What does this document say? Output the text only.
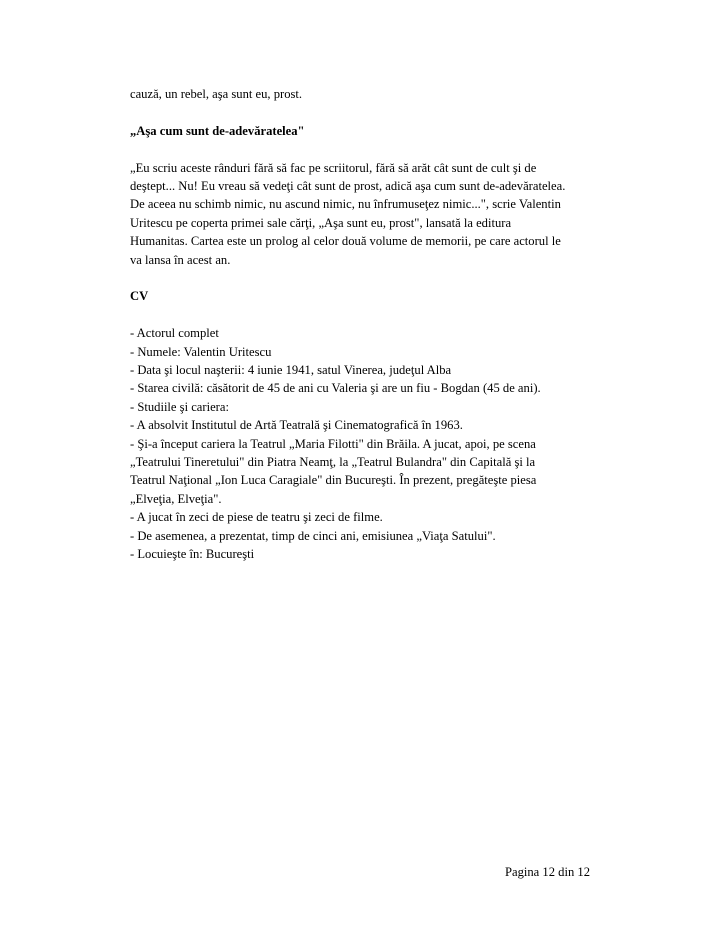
cauză, un rebel, aşa sunt eu, prost.
„Aşa cum sunt de-adevăratelea"
„Eu scriu aceste rânduri fără să fac pe scriitorul, fără să arăt cât sunt de cult şi de
deştept... Nu! Eu vreau să vedeţi cât sunt de prost, adică aşa cum sunt de-adevăratelea.
De aceea nu schimb nimic, nu ascund nimic, nu înfrumuseţez nimic...", scrie Valentin
Uritescu pe coperta primei sale cărţi, „Aşa sunt eu, prost", lansată la editura
Humanitas. Cartea este un prolog al celor două volume de memorii, pe care actorul le
va lansa în acest an.
CV
- Actorul complet
- Numele: Valentin Uritescu
- Data şi locul naşterii: 4 iunie 1941, satul Vinerea, judeţul Alba
- Starea civilă: căsătorit de 45 de ani cu Valeria şi are un fiu - Bogdan (45 de ani).
- Studiile şi cariera:
- A absolvit Institutul de Artă Teatrală şi Cinematografică în 1963.
- Şi-a început cariera la Teatrul „Maria Filotti" din Brăila. A jucat, apoi, pe scena
„Teatrului Tineretului" din Piatra Neamţ, la „Teatrul Bulandra" din Capitală şi la
Teatrul Naţional „Ion Luca Caragiale" din Bucureşti. În prezent, pregăteşte piesa
„Elveţia, Elveţia".
- A jucat în zeci de piese de teatru şi zeci de filme.
- De asemenea, a prezentat, timp de cinci ani, emisiunea „Viaţa Satului".
- Locuieşte în: Bucureşti
Pagina 12 din 12
